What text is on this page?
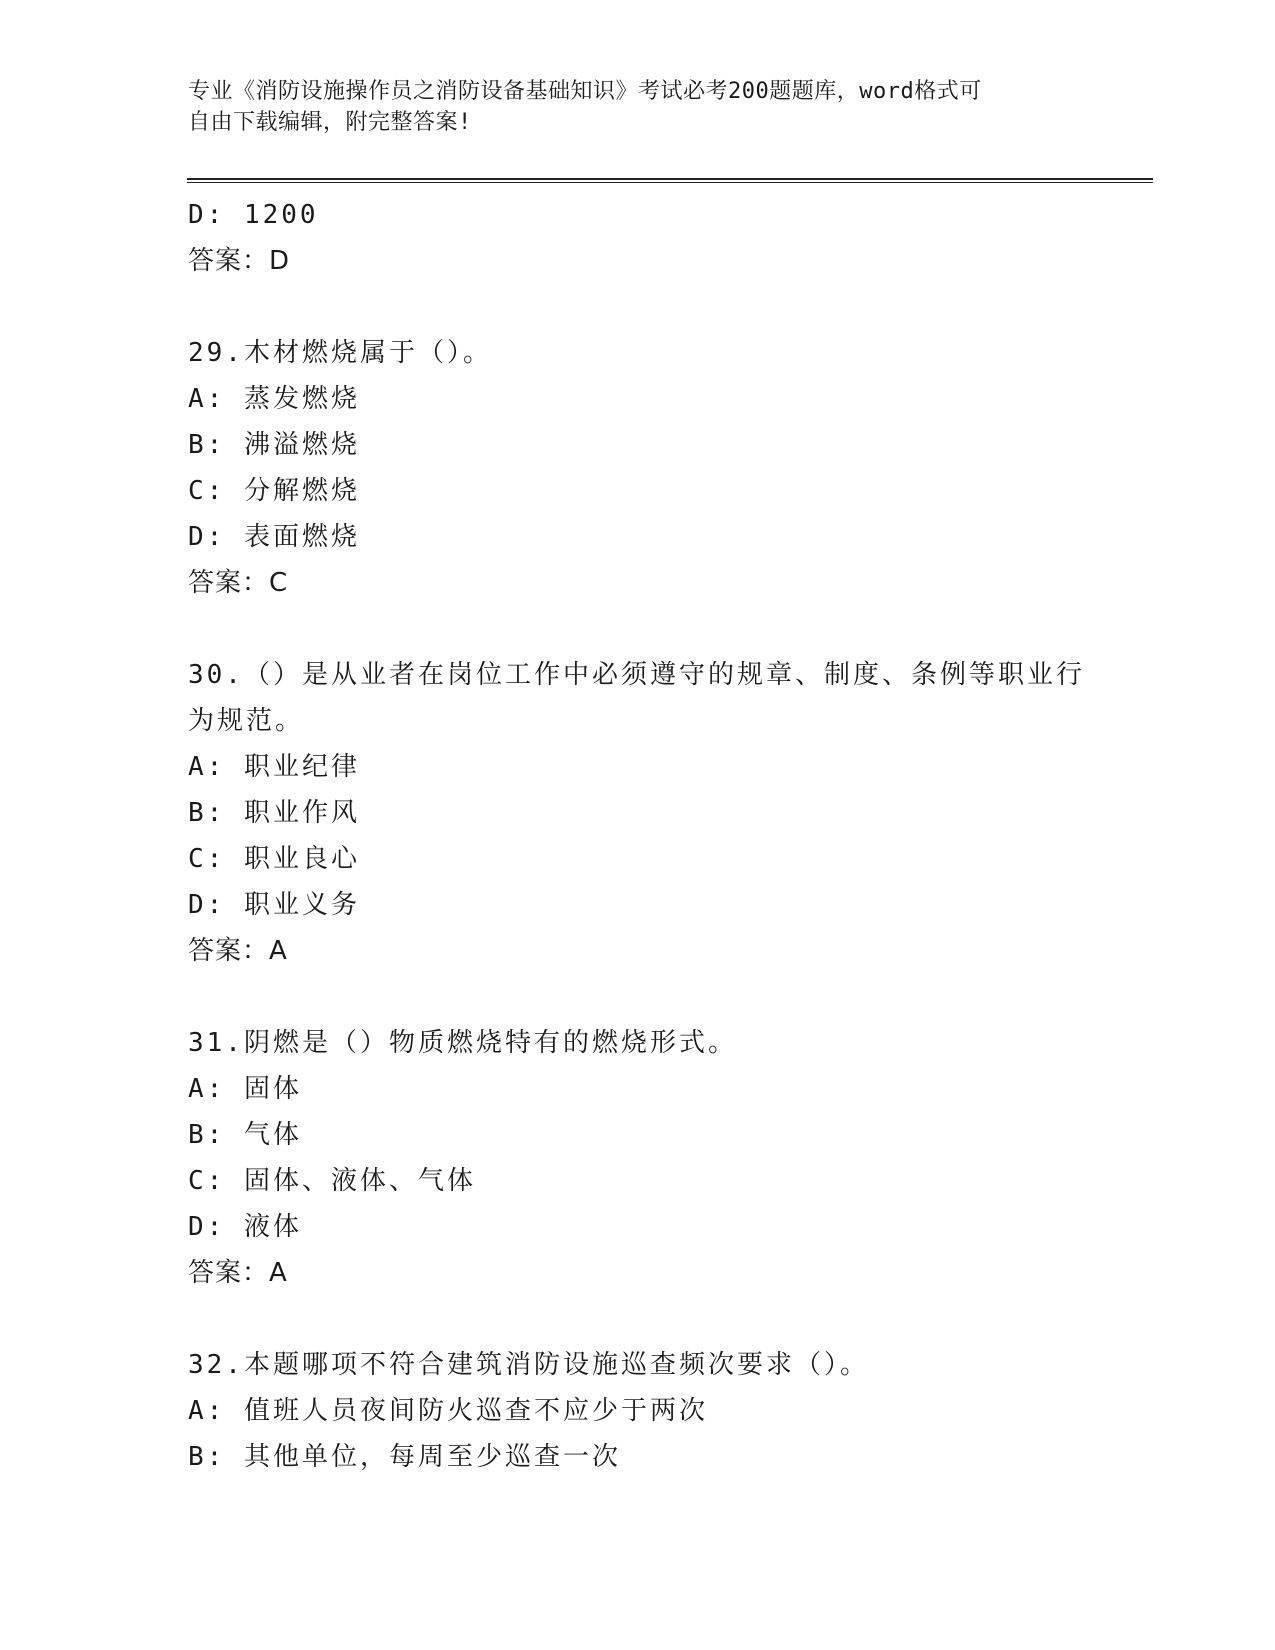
专业《消防设施操作员之消防设备基础知识》考试必考200题题库，word格式可
自由下载编辑，附完整答案!
D: 1200
答案：D
29.木材燃烧属于（）。
A: 蒸发燃烧
B: 沸溢燃烧
C: 分解燃烧
D: 表面燃烧
答案：C
30.（）是从业者在岗位工作中必须遵守的规章、制度、条例等职业行
为规范。
A: 职业纪律
B: 职业作风
C: 职业良心
D: 职业义务
答案：A
31.阴燃是（）物质燃烧特有的燃烧形式。
A: 固体
B: 气体
C: 固体、液体、气体
D: 液体
答案：A
32.本题哪项不符合建筑消防设施巡查频次要求（）。
A: 值班人员夜间防火巡查不应少于两次
B: 其他单位，每周至少巡查一次
